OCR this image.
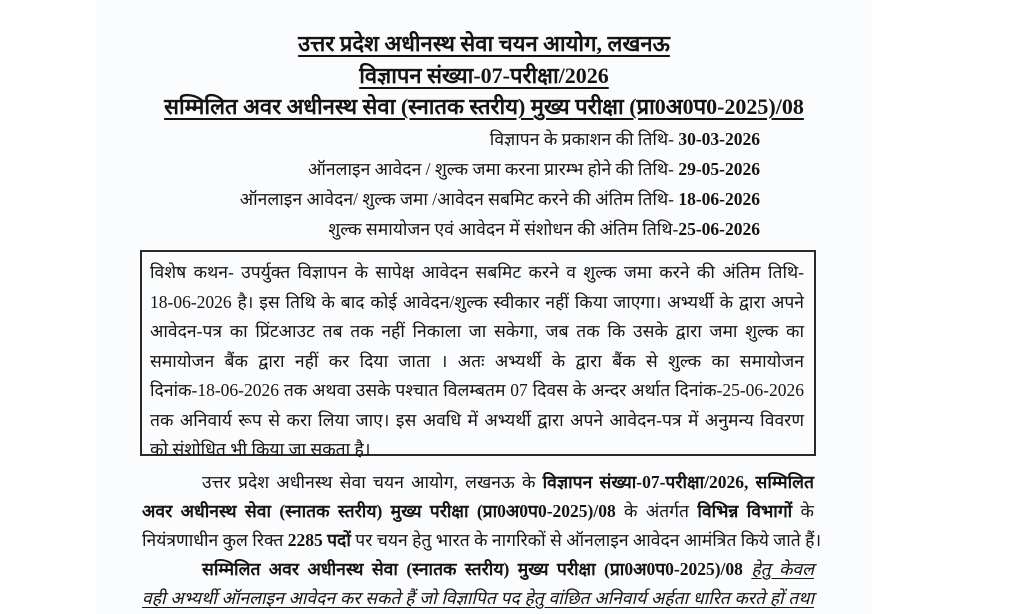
उत्तर प्रदेश अधीनस्थ सेवा चयन आयोग, लखनऊ
विज्ञापन संख्या-07-परीक्षा/2026
सम्मिलित अवर अधीनस्थ सेवा (स्नातक स्तरीय) मुख्य परीक्षा (प्रा0अ0प0-2025)/08
विज्ञापन के प्रकाशन की तिथि- 30-03-2026
ऑनलाइन आवेदन / शुल्क जमा करना प्रारम्भ होने की तिथि- 29-05-2026
ऑनलाइन आवेदन/ शुल्क जमा /आवेदन सबमिट करने की अंतिम तिथि- 18-06-2026
शुल्क समायोजन एवं आवेदन में संशोधन की अंतिम तिथि-25-06-2026
विशेष कथन- उपर्युक्त विज्ञापन के सापेक्ष आवेदन सबमिट करने व शुल्क जमा करने की अंतिम तिथि-
18-06-2026 है। इस तिथि के बाद कोई आवेदन/शुल्क स्वीकार नहीं किया जाएगा। अभ्यर्थी के द्वारा अपने
आवेदन-पत्र का प्रिंटआउट तब तक नहीं निकाला जा सकेगा, जब तक कि उसके द्वारा जमा शुल्क का
समायोजन बैंक द्वारा नहीं कर दिया जाता । अतः अभ्यर्थी के द्वारा बैंक से शुल्क का समायोजन
दिनांक-18-06-2026 तक अथवा उसके पश्चात विलम्बतम 07 दिवस के अन्दर अर्थात दिनांक-25-06-2026
तक अनिवार्य रूप से करा लिया जाए। इस अवधि में अभ्यर्थी द्वारा अपने आवेदन-पत्र में अनुमन्य विवरण
को संशोधित भी किया जा सकता है।
उत्तर प्रदेश अधीनस्थ सेवा चयन आयोग, लखनऊ के विज्ञापन संख्या-07-परीक्षा/2026, सम्मिलित
अवर अधीनस्थ सेवा (स्नातक स्तरीय) मुख्य परीक्षा (प्रा0अ0प0-2025)/08 के अंतर्गत विभिन्न विभागों के
नियंत्रणाधीन कुल रिक्त 2285 पदों पर चयन हेतु भारत के नागरिकों से ऑनलाइन आवेदन आमंत्रित किये जाते हैं।
सम्मिलित अवर अधीनस्थ सेवा (स्नातक स्तरीय) मुख्य परीक्षा (प्रा0अ0प0-2025)/08 हेतु केवल
वही अभ्यर्थी ऑनलाइन आवेदन कर सकते हैं जो विज्ञापित पद हेतु वांछित अनिवार्य अर्हता धारित करते हों तथा
